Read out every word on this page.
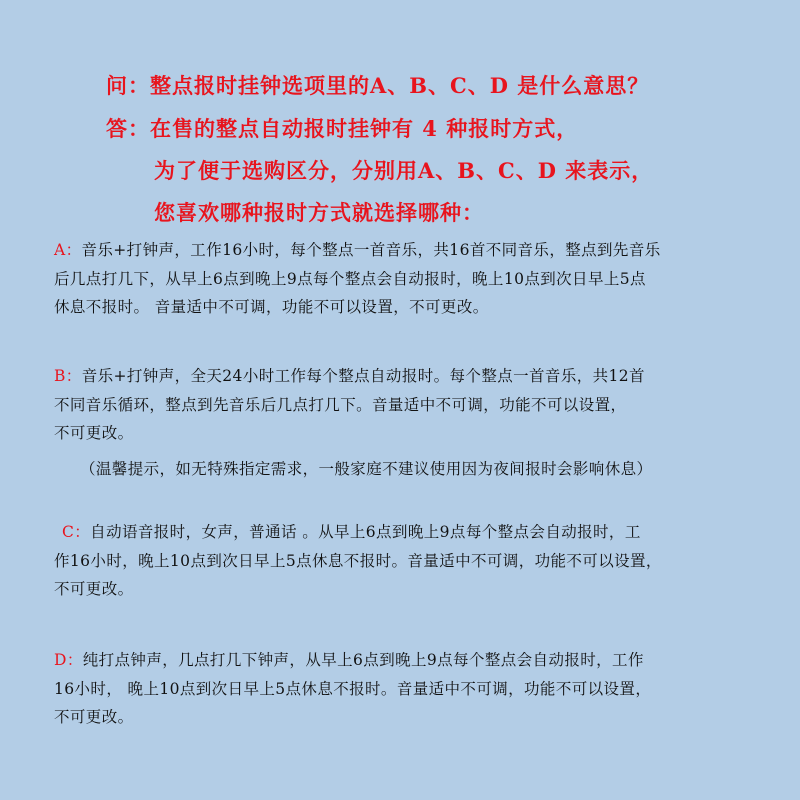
问：整点报时挂钟选项里的A、B、C、D 是什么意思？
答：在售的整点自动报时挂钟有 4 种报时方式，
为了便于选购区分，分别用A、B、C、D 来表示，
您喜欢哪种报时方式就选择哪种：
A：音乐+打钟声，工作16小时，每个整点一首音乐，共16首不同音乐，整点到先音乐
后几点打几下，从早上6点到晚上9点每个整点会自动报时，晚上10点到次日早上5点
休息不报时。 音量适中不可调，功能不可以设置，不可更改。
B：音乐+打钟声，全天24小时工作每个整点自动报时。每个整点一首音乐，共12首
不同音乐循环，整点到先音乐后几点打几下。音量适中不可调，功能不可以设置，
不可更改。
（温馨提示，如无特殊指定需求，一般家庭不建议使用因为夜间报时会影响休息）
C：自动语音报时，女声，普通话 。从早上6点到晚上9点每个整点会自动报时，工
作16小时，晚上10点到次日早上5点休息不报时。音量适中不可调，功能不可以设置，
不可更改。
D：纯打点钟声，几点打几下钟声，从早上6点到晚上9点每个整点会自动报时，工作
16小时， 晚上10点到次日早上5点休息不报时。音量适中不可调，功能不可以设置，
不可更改。
